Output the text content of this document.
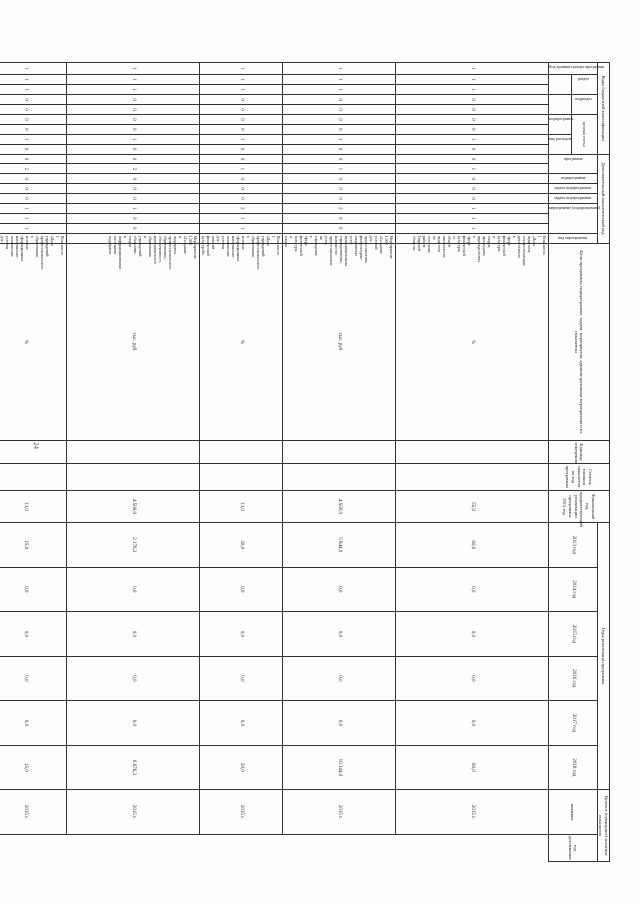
Коды бюджетной классификации									Дополнительный аналитический код									Цели программы, подпрограммы, задачи, мероприятия, административные мероприятия и их показатели	Единица измерения	Степень влияния показателя на ход программы	Финансовый год, предшествующий реализации программы 2013 год	Годы реализации программы						Целевое (суммарное) значение показателя	

Код администратора программы	раздел		подраздел		целевая статья				программа		подпрограмма	задача подпрограммы	задача подпрограммы	мероприятие (подпрограммы)			вид мероприятия					2013 год	2014 год	2015 год	2016 год	2017 год	2018 год	значение	год достижения

					подпрограмма		вид расходов																						

1	1	1	0	0	0	0	1	0	0	1	0	0	0	1	1	1	Показатель 1 «Доля педагогов, осуществляющих деятельность в сфере физической культуры и спорта, прошедших переподготовку в сфере физической культуры, от общей численности педагогов по сельскому району Тверской области»	%			55,0	60,0	0,0	0,0	0,0	0,0	60,0	2015 г.	
1	1	1	0	0	0	0	1	0	0	1	0	0	0	2	0	0	Мероприятие 1.002 «Создание условий для предоставления физкультурно-спортивных услуг муниципальными учреждениями», количество предоставляемых услуг, на учреждение в сфере физической культуры и спорта	тыс. руб.			4 500,0	5 844,0	0,0	0,0	0,0	0,0	10 344,0	2015 г.	
1	1	1	0	0	0	0	1	0	0	1	0	0	0	2	1	1	Показатель 1 «Доля учреждений профессионального образования, в которых сформированы материально-технические условия для занятий физической культурой»	%			13,0	20,0	0,0	0,0	0,0	0,0	20,0	2015 г.	
1	1	1	0	0	0	0	1	0	0	2	0	0	0	1	0	0	Мероприятие 1.003 «Создание и поддержка профессионального образования», обеспеченность муниципального образования и учреждений объектами спорта и информационными системами поддержки	тыс. руб.			4 500,0	2 176,3	0,0	0,0	0,0	0,0	6 676,3	2015 г.	
1	1	1	0	0	0	0	1	0	0	2	0	0	0	1	1	1	Показатель 1 «Доля учреждений профессионального образования, в которых сформированы материально-технические условия для	%			13,0	15,0	0,0	0,0	0,0	0,0	15,0	2015 г.	

24
